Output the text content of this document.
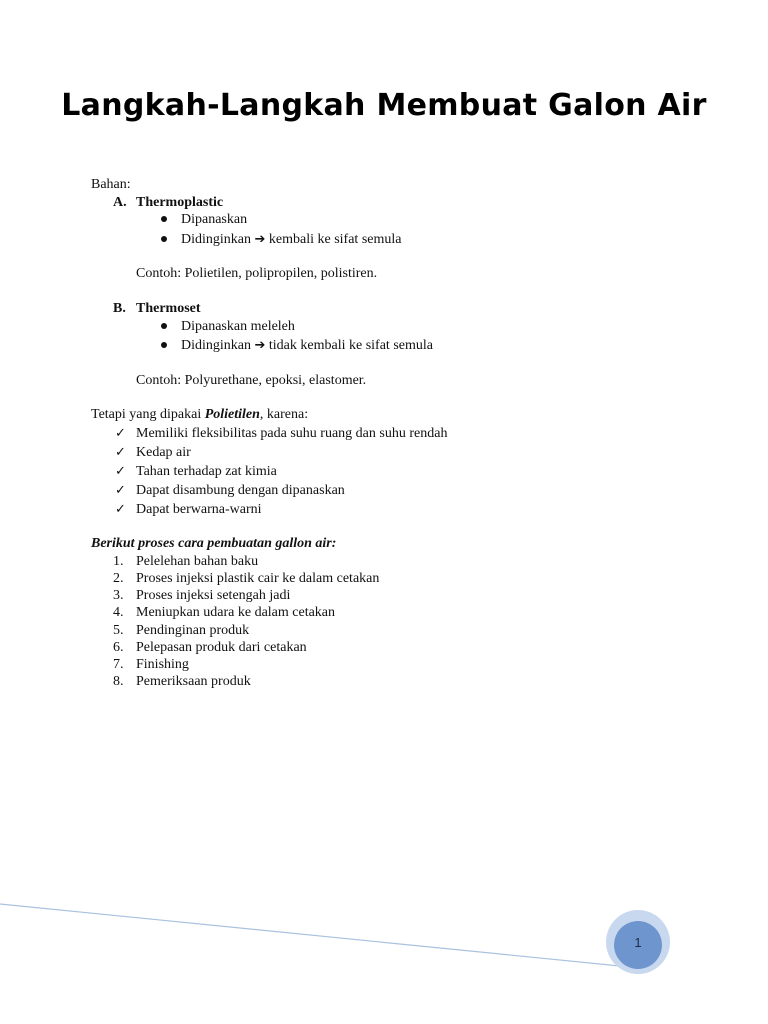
Langkah-Langkah Membuat Galon Air
Bahan:
A. Thermoplastic
Dipanaskan
Didinginkan ➔ kembali ke sifat semula
Contoh: Polietilen, polipropilen, polistiren.
B. Thermoset
Dipanaskan meleleh
Didinginkan ➔ tidak kembali ke sifat semula
Contoh: Polyurethane, epoksi, elastomer.
Tetapi yang dipakai Polietilen, karena:
✓ Memiliki fleksibilitas pada suhu ruang dan suhu rendah
✓ Kedap air
✓ Tahan terhadap zat kimia
✓ Dapat disambung dengan dipanaskan
✓ Dapat berwarna-warni
Berikut proses cara pembuatan gallon air:
1. Pelelehan bahan baku
2. Proses injeksi plastik cair ke dalam cetakan
3. Proses injeksi setengah jadi
4. Meniupkan udara ke dalam cetakan
5. Pendinginan produk
6. Pelepasan produk dari cetakan
7. Finishing
8. Pemeriksaan produk
1
